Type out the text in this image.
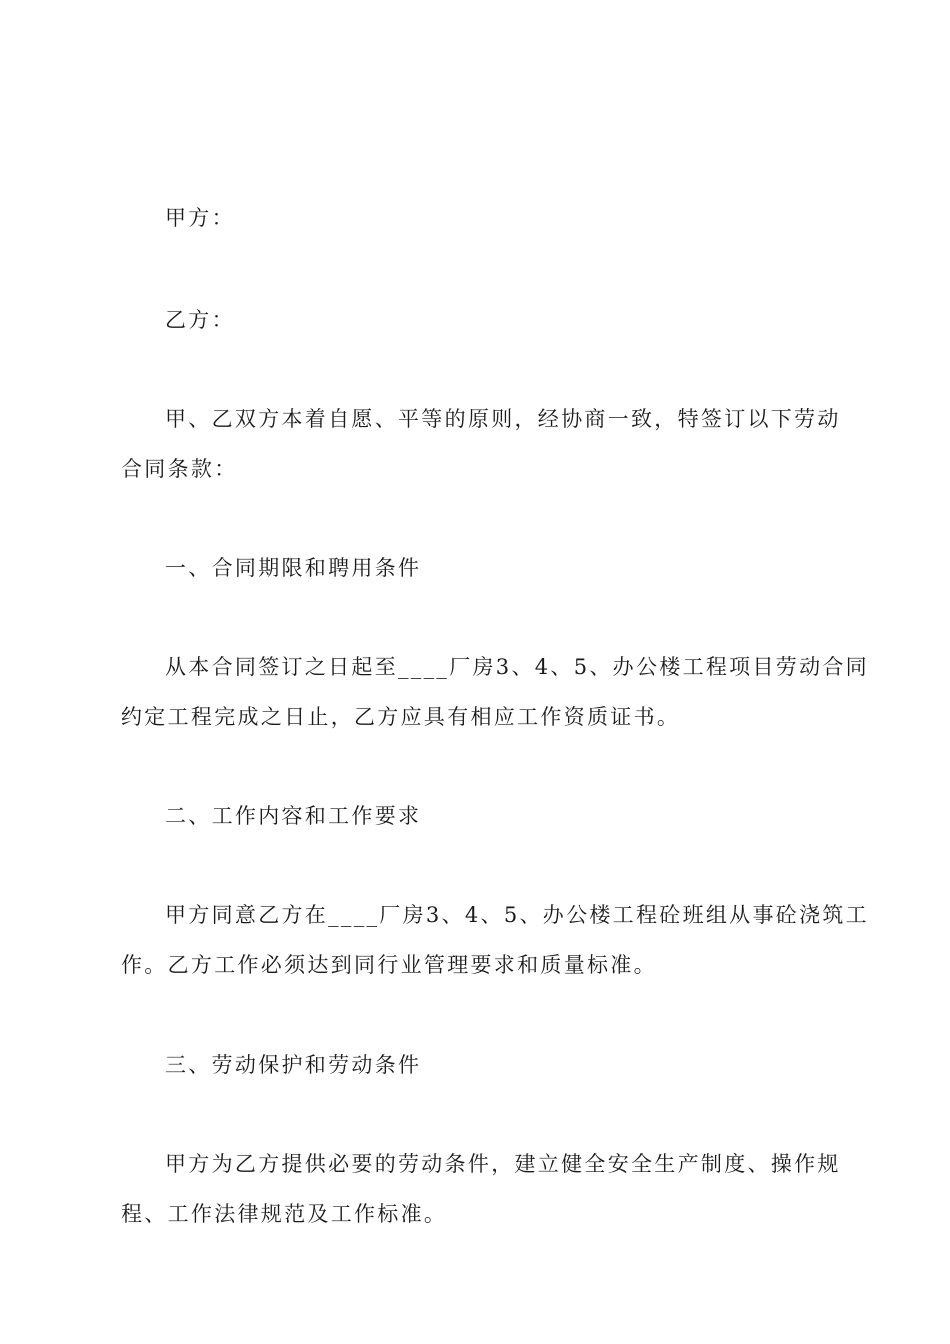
甲方：
乙方：
甲、乙双方本着自愿、平等的原则，经协商一致，特签订以下劳动
合同条款：
一、合同期限和聘用条件
从本合同签订之日起至____厂房3、4、5、办公楼工程项目劳动合同
约定工程完成之日止，乙方应具有相应工作资质证书。
二、工作内容和工作要求
甲方同意乙方在____厂房3、4、5、办公楼工程砼班组从事砼浇筑工
作。乙方工作必须达到同行业管理要求和质量标准。
三、劳动保护和劳动条件
甲方为乙方提供必要的劳动条件，建立健全安全生产制度、操作规
程、工作法律规范及工作标准。
